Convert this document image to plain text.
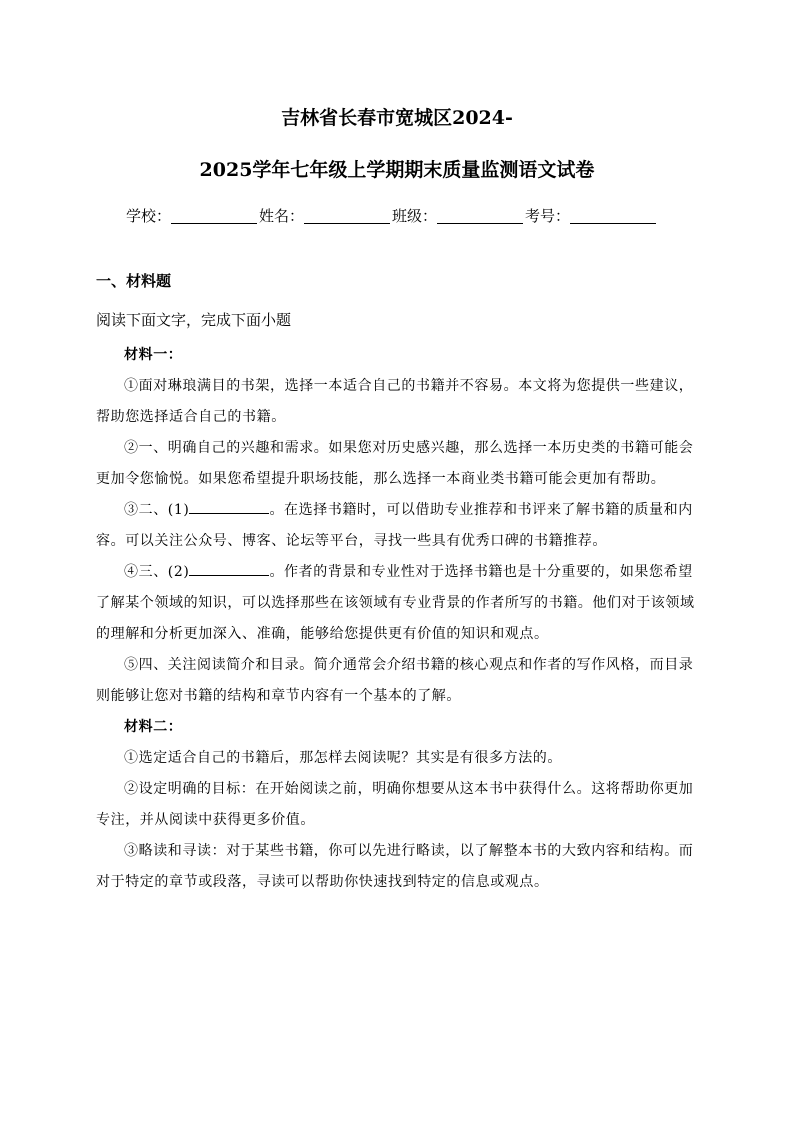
吉林省长春市宽城区2024-
2025学年七年级上学期期末质量监测语文试卷
学校：	姓名：	班级：	考号：
一、材料题
阅读下面文字，完成下面小题

材料一：

①面对琳琅满目的书架，选择一本适合自己的书籍并不容易。本文将为您提供一些建议，帮助您选择适合自己的书籍。

②一、明确自己的兴趣和需求。如果您对历史感兴趣，那么选择一本历史类的书籍可能会更加令您愉悦。如果您希望提升职场技能，那么选择一本商业类书籍可能会更加有帮助。

③二、(1)	。在选择书籍时，可以借助专业推荐和书评来了解书籍的质量和内容。可以关注公众号、博客、论坛等平台，寻找一些具有优秀口碑的书籍推荐。

④三、(2)	。作者的背景和专业性对于选择书籍也是十分重要的，如果您希望了解某个领域的知识，可以选择那些在该领域有专业背景的作者所写的书籍。他们对于该领域的理解和分析更加深入、准确，能够给您提供更有价值的知识和观点。

⑤四、关注阅读简介和目录。简介通常会介绍书籍的核心观点和作者的写作风格，而目录则能够让您对书籍的结构和章节内容有一个基本的了解。

材料二：

①选定适合自己的书籍后，那怎样去阅读呢？其实是有很多方法的。

②设定明确的目标：在开始阅读之前，明确你想要从这本书中获得什么。这将帮助你更加专注，并从阅读中获得更多价值。

③略读和寻读：对于某些书籍，你可以先进行略读，以了解整本书的大致内容和结构。而对于特定的章节或段落，寻读可以帮助你快速找到特定的信息或观点。
